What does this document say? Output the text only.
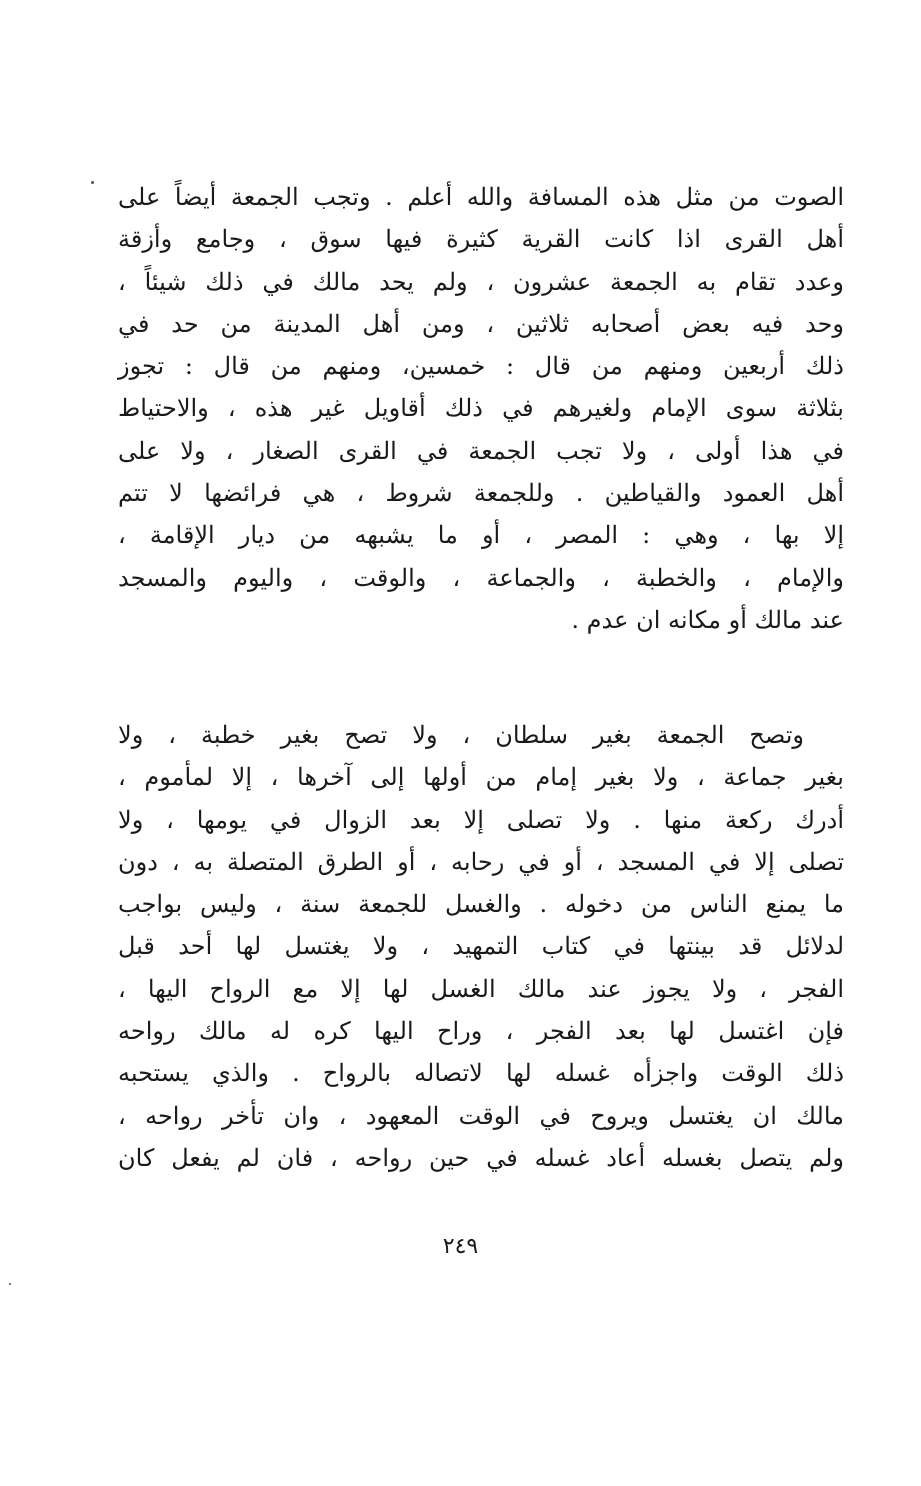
الصوت من مثل هذه المسافة والله أعلم . وتجب الجمعة أيضاً على
أهل القرى اذا كانت القرية كثيرة فيها سوق ، وجامع وأزقة
وعدد تقام به الجمعة عشرون ، ولم يحد مالك في ذلك شيئاً ،
وحد فيه بعض أصحابه ثلاثين ، ومن أهل المدينة من حد في
ذلك أربعين ومنهم من قال : خمسين، ومنهم من قال : تجوز
بثلاثة سوى الإمام ولغيرهم في ذلك أقاويل غير هذه ، والاحتياط
في هذا أولى ، ولا تجب الجمعة في القرى الصغار ، ولا على
أهل العمود والقياطين . وللجمعة شروط ، هي فرائضها لا تتم
إلا بها ، وهي : المصر ، أو ما يشبهه من ديار الإقامة ،
والإمام ، والخطبة ، والجماعة ، والوقت ، واليوم والمسجد
عند مالك أو مكانه ان عدم .
وتصح الجمعة بغير سلطان ، ولا تصح بغير خطبة ، ولا
بغير جماعة ، ولا بغير إمام من أولها إلى آخرها ، إلا لمأموم ،
أدرك ركعة منها . ولا تصلى إلا بعد الزوال في يومها ، ولا
تصلى إلا في المسجد ، أو في رحابه ، أو الطرق المتصلة به ، دون
ما يمنع الناس من دخوله . والغسل للجمعة سنة ، وليس بواجب
لدلائل قد بينتها في كتاب التمهيد ، ولا يغتسل لها أحد قبل
الفجر ، ولا يجوز عند مالك الغسل لها إلا مع الرواح اليها ،
فإن اغتسل لها بعد الفجر ، وراح اليها كره له مالك رواحه
ذلك الوقت واجزأه غسله لها لاتصاله بالرواح . والذي يستحبه
مالك ان يغتسل ويروح في الوقت المعهود ، وان تأخر رواحه ،
ولم يتصل بغسله أعاد غسله في حين رواحه ، فان لم يفعل كان
٢٤٩
